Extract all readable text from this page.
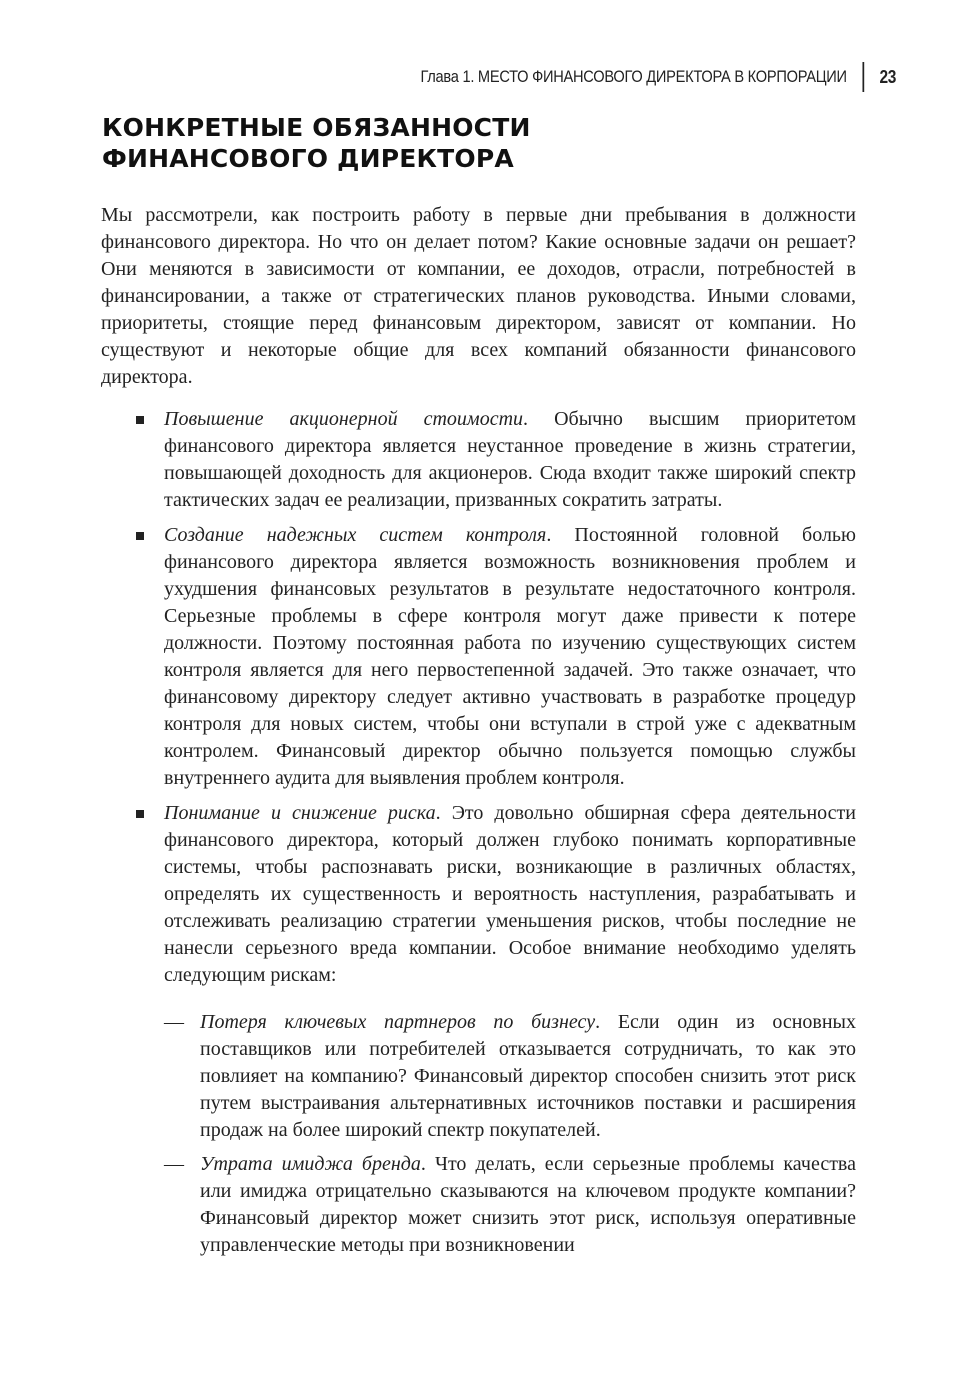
Глава 1. МЕСТО ФИНАНСОВОГО ДИРЕКТОРА В КОРПОРАЦИИ 23
КОНКРЕТНЫЕ ОБЯЗАННОСТИ
ФИНАНСОВОГО ДИРЕКТОРА

Мы рассмотрели, как построить работу в первые дни пребывания в должности финансового директора. Но что он делает потом? Какие основные задачи он решает? Они меняются в зависимости от компании, ее доходов, отрасли, потребностей в финансировании, а также от стратегических планов руководства. Иными словами, приоритеты, стоящие перед финансовым директором, зависят от компании. Но существуют и некоторые общие для всех компаний обязанности финансового директора.

Повышение акционерной стоимости. Обычно высшим приоритетом финансового директора является неустанное проведение в жизнь стратегии, повышающей доходность для акционеров. Сюда входит также широкий спектр тактических задач ее реализации, призванных сократить затраты.
Создание надежных систем контроля. Постоянной головной болью финансового директора является возможность возникновения проблем и ухудшения финансовых результатов в результате недостаточного контроля. Серьезные проблемы в сфере контроля могут даже привести к потере должности. Поэтому постоянная работа по изучению существующих систем контроля является для него первостепенной задачей. Это также означает, что финансовому директору следует активно участвовать в разработке процедур контроля для новых систем, чтобы они вступали в строй уже с адекватным контролем. Финансовый директор обычно пользуется помощью службы внутреннего аудита для выявления проблем контроля.
Понимание и снижение риска. Это довольно обширная сфера деятельности финансового директора, который должен глубоко понимать корпоративные системы, чтобы распознавать риски, возникающие в различных областях, определять их существенность и вероятность наступления, разрабатывать и отслеживать реализацию стратегии уменьшения рисков, чтобы последние не нанесли серьезного вреда компании. Особое внимание необходимо уделять следующим рискам:
— Потеря ключевых партнеров по бизнесу. Если один из основных поставщиков или потребителей отказывается сотрудничать, то как это повлияет на компанию? Финансовый директор способен снизить этот риск путем выстраивания альтернативных источников поставки и расширения продаж на более широкий спектр покупателей.
— Утрата имиджа бренда. Что делать, если серьезные проблемы качества или имиджа отрицательно сказываются на ключевом продукте компании? Финансовый директор может снизить этот риск, используя оперативные управленческие методы при возникновении
